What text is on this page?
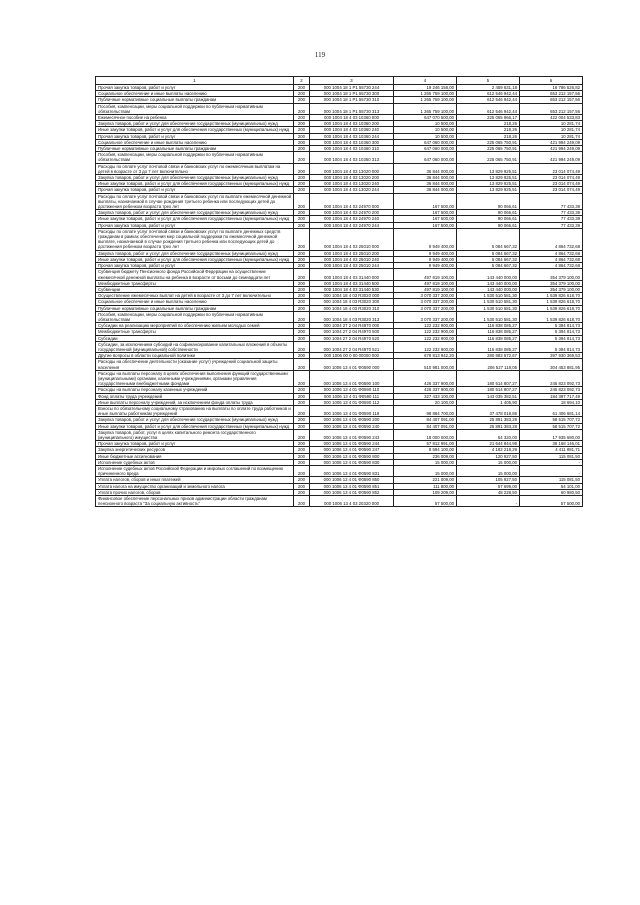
119
1	2	3	4	5	6
Прочая закупка товаров, работ и услуг	200	000 1004 18 1 P1 55730 244	19 246 158,00	2 459 631,18	16 786 526,82
Социальное обеспечение и иные выплаты населению	200	000 1004 18 1 P1 55730 300	1 265 759 100,00	612 546 942,44	653 212 157,56
Публичные нормативные социальные выплаты гражданам	200	000 1004 18 1 P1 55730 310	1 265 759 100,00	612 546 942,44	653 212 157,56
Пособия, компенсации, меры социальной поддержки по публичным нормативным обязательствам	200	000 1004 18 1 P1 55730 313	1 265 759 100,00	612 546 942,44	653 212 157,56
Ежемесячное пособие на ребенка	200	000 1004 18 4 03 10360 000	647 070 500,00	225 065 966,17	422 004 533,83
Закупка товаров, работ и услуг для обеспечения государственных (муниципальных) нужд	200	000 1004 18 4 03 10360 200	10 500,00	218,26	10 281,74
Иные закупки товаров, работ и услуг для обеспечения государственных (муниципальных) нужд	200	000 1004 18 4 03 10360 240	10 500,00	218,26	10 281,74
Прочая закупка товаров, работ и услуг	200	000 1004 18 4 03 10360 244	10 500,00	218,26	10 281,74
Социальное обеспечение и иные выплаты населению	200	000 1004 18 4 03 10360 300	647 060 000,00	225 065 750,91	421 994 249,09
Публичные нормативные социальные выплаты гражданам	200	000 1004 18 4 03 10360 310	647 060 000,00	225 065 750,91	421 994 249,09
Пособия, компенсации, меры социальной поддержки по публичным нормативным обязательствам	200	000 1004 18 4 03 10360 313	647 060 000,00	225 065 750,91	421 994 249,09
Расходы по оплате услуг почтовой связи и банковских услуг по ежемесячным выплатам на детей в возрасте от 3 до 7 лет включительно	200	000 1004 18 4 03 13020 000	36 844 000,00	13 829 925,51	23 014 074,49
Закупка товаров, работ и услуг для обеспечения государственных (муниципальных) нужд	200	000 1004 18 4 03 13020 200	36 844 000,00	13 829 925,51	23 014 074,49
Иные закупки товаров, работ и услуг для обеспечения государственных (муниципальных) нужд	200	000 1004 18 4 03 13020 240	36 844 000,00	13 829 925,51	23 014 074,49
Прочая закупка товаров, работ и услуг	200	000 1004 18 4 03 13020 244	36 844 000,00	13 829 925,51	23 014 074,49
Расходы по оплате услуг почтовой связи и банковских услуг по выплате ежемесячной денежной выплаты, назначаемой в случае рождения третьего ребенка или последующих детей до достижения ребенком возраста трех лет	200	000 1004 18 4 03 24970 000	167 500,00	90 066,61	77 433,39
Закупка товаров, работ и услуг для обеспечения государственных (муниципальных) нужд	200	000 1004 18 4 03 24970 200	167 500,00	90 066,61	77 433,39
Иные закупки товаров, работ и услуг для обеспечения государственных (муниципальных) нужд	200	000 1004 18 4 03 24970 240	167 500,00	90 066,61	77 433,39
Прочая закупка товаров, работ и услуг	200	000 1004 18 4 03 24970 244	167 500,00	90 066,61	77 433,39
Расходы по оплате услуг почтовой связи и банковских услуг по выплате денежных средств гражданам в рамках обеспечения мер социальной поддержки по ежемесячной денежной выплате, назначаемой в случае рождения третьего ребенка или последующих детей до достижения ребенком возраста трех лет	200	000 1004 18 4 03 25010 000	9 949 400,00	5 084 667,32	4 864 732,68
Закупка товаров, работ и услуг для обеспечения государственных (муниципальных) нужд	200	000 1004 18 4 03 25010 200	9 949 400,00	5 084 667,32	4 864 732,68
Иные закупки товаров, работ и услуг для обеспечения государственных (муниципальных) нужд	200	000 1004 18 4 03 25010 240	9 949 400,00	5 084 667,32	4 864 732,68
Прочая закупка товаров, работ и услуг	200	000 1004 18 4 03 25010 244	9 949 400,00	5 084 667,32	4 864 732,68
Субвенция бюджету Пенсионного фонда Российской Федерации на осуществление ежемесячной денежной выплаты на ребенка в возрасте от восьми до семнадцати лет	200	000 1004 18 4 03 31440 000	497 819 100,00	143 440 000,00	354 379 100,00
Межбюджетные трансферты	200	000 1004 18 4 03 31440 500	497 819 100,00	143 440 000,00	354 379 100,00
Субвенции	200	000 1004 18 4 03 31440 530	497 819 100,00	143 440 000,00	354 379 100,00
Осуществление ежемесячных выплат на детей в возрасте от 3 до 7 лет включительно	200	000 1004 18 4 03 R3020 000	3 070 337 200,00	1 530 510 581,30	1 539 826 618,70
Социальное обеспечение и иные выплаты населению	200	000 1004 18 4 03 R3020 300	3 070 337 200,00	1 530 510 581,30	1 539 826 618,70
Публичные нормативные социальные выплаты гражданам	200	000 1004 18 4 03 R3020 310	3 070 337 200,00	1 530 510 581,30	1 539 826 618,70
Пособия, компенсации, меры социальной поддержки по публичным нормативным обязательствам	200	000 1004 18 4 03 R3020 313	3 070 337 200,00	1 530 510 581,30	1 539 826 618,70
Субсидии на реализацию мероприятий по обеспечению жильем молодых семей	200	000 1004 27 2 04 R4970 000	122 232 900,00	116 838 085,27	5 394 814,73
Межбюджетные трансферты	200	000 1004 27 2 04 R4970 500	122 232 900,00	116 838 085,27	5 394 814,73
Субсидии	200	000 1004 27 2 04 R4970 520	122 232 900,00	116 838 085,27	5 394 814,73
Субсидии, за исключением субсидий на софинансирование капитальных вложений в объекты государственной (муниципальной) собственности	200	000 1004 27 2 04 R4970 521	122 232 900,00	116 838 085,27	5 394 814,73
Другие вопросы в области социальной политики	200	000 1006 00 0 00 00000 000	678 813 942,20	280 883 572,67	397 930 369,53
Расходы на обеспечение деятельности (оказание услуг) учреждений социальной защиты населения	200	000 1006 13 4 01 Ф0590 000	510 981 000,00	206 527 118,05	304 453 881,95
Расходы на выплаты персоналу в целях обеспечения выполнения функций государственными (муниципальными) органами, казенными учреждениями, органами управления государственными внебюджетными фондами	200	000 1006 13 4 01 Ф0590 100	426 337 900,00	180 514 807,27	245 823 092,73
Расходы на выплаты персоналу казенных учреждений	200	000 1006 13 4 01 Ф0590 110	426 337 900,00	180 514 807,27	245 823 092,73
Фонд оплаты труда учреждений	200	000 1006 13 4 01 Ф0590 111	327 433 100,00	143 035 382,51	184 397 717,49
Иные выплаты персоналу учреждений, за исключением фонда оплаты труда	200	000 1006 13 4 01 Ф0590 112	20 100,00	1 405,90	18 694,10
Взносы по обязательному социальному страхованию на выплаты по оплате труда работников и иные выплаты работникам учреждений	200	000 1006 13 4 01 Ф0590 119	98 884 700,00	37 478 018,86	61 406 681,14
Закупка товаров, работ и услуг для обеспечения государственных (муниципальных) нужд	200	000 1006 13 4 01 Ф0590 200	84 407 091,00	25 891 383,28	58 515 707,72
Иные закупки товаров, работ и услуг для обеспечения государственных (муниципальных) нужд	200	000 1006 13 4 01 Ф0590 240	84 407 091,00	25 891 383,28	58 515 707,72
Закупка товаров, работ, услуг в целях капитального ремонта государственного (муниципального) имущества	200	000 1006 13 4 01 Ф0590 243	18 000 000,00	64 320,00	17 935 680,00
Прочая закупка товаров, работ и услуг	200	000 1006 13 4 01 Ф0590 244	57 812 991,00	21 644 844,99	36 168 146,01
Закупка энергетических ресурсов	200	000 1006 13 4 01 Ф0590 247	8 594 100,00	4 182 218,29	4 411 881,71
Иные бюджетные ассигнования	200	000 1006 13 4 01 Ф0590 800	236 009,00	120 927,50	115 081,50
Исполнение судебных актов	200	000 1006 13 4 01 Ф0590 830	15 000,00	15 000,00	-
Исполнение судебных актов Российской Федерации и мировых соглашений по возмещению причиненного вреда	200	000 1006 13 4 01 Ф0590 831	15 000,00	15 000,00	-
Уплата налогов, сборов и иных платежей	200	000 1006 13 4 01 Ф0590 850	221 009,00	105 927,50	115 081,50
Уплата налога на имущество организаций и земельного налога	200	000 1006 13 4 01 Ф0590 851	111 800,00	57 699,00	54 101,00
Уплата прочих налогов, сборов	200	000 1006 13 4 01 Ф0590 852	109 209,00	48 228,50	60 980,50
Финансовое обеспечение персональных призов администрации области гражданам пенсионного возраста "За социальную активность"	200	000 1006 13 4 03 20320 000	57 500,00	-	57 500,00
